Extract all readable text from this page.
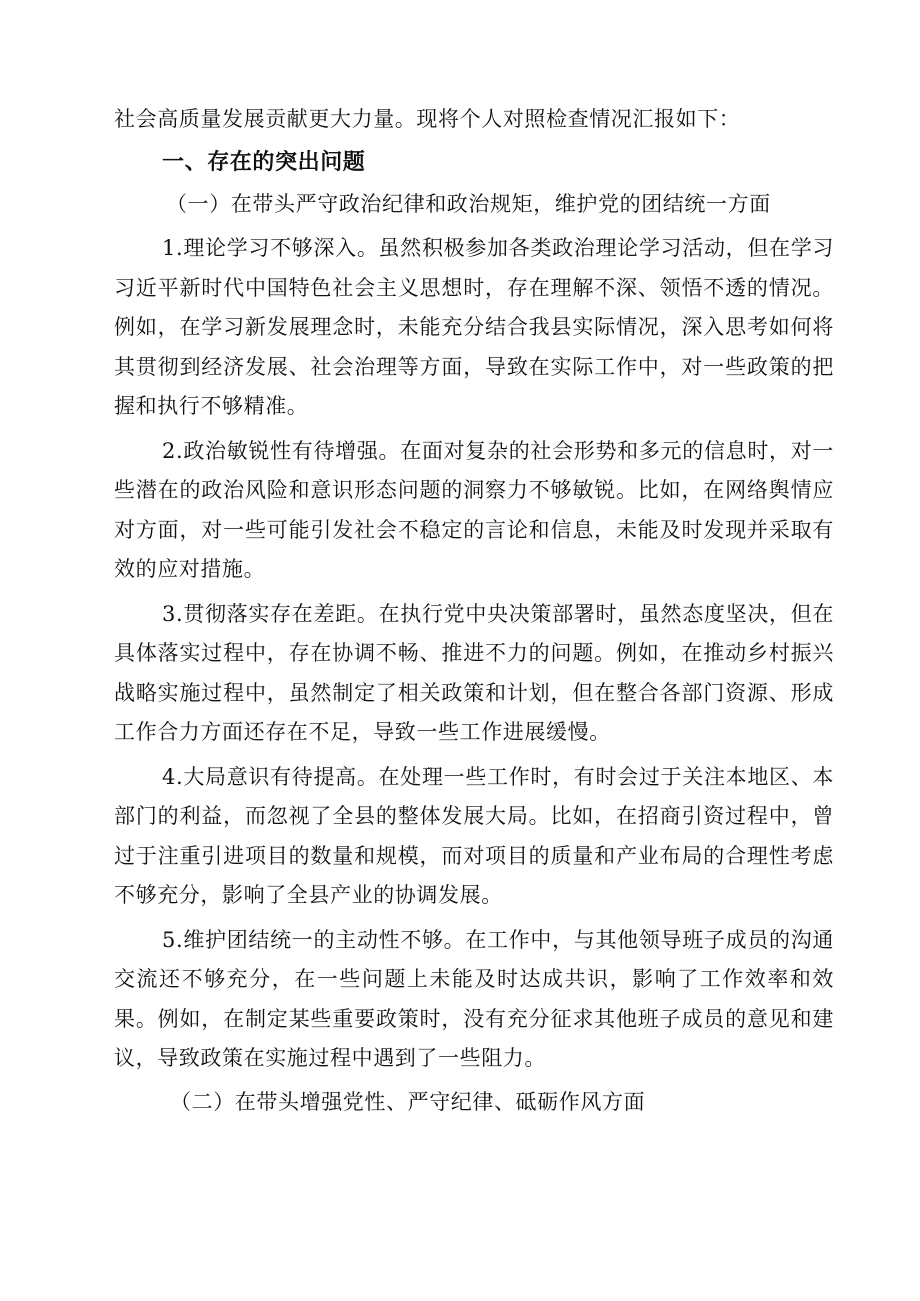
社会高质量发展贡献更大力量。现将个人对照检查情况汇报如下：

一、存在的突出问题

（一）在带头严守政治纪律和政治规矩，维护党的团结统一方面

1.理论学习不够深入。虽然积极参加各类政治理论学习活动，但在学习习近平新时代中国特色社会主义思想时，存在理解不深、领悟不透的情况。例如，在学习新发展理念时，未能充分结合我县实际情况，深入思考如何将其贯彻到经济发展、社会治理等方面，导致在实际工作中，对一些政策的把握和执行不够精准。

2.政治敏锐性有待增强。在面对复杂的社会形势和多元的信息时，对一些潜在的政治风险和意识形态问题的洞察力不够敏锐。比如，在网络舆情应对方面，对一些可能引发社会不稳定的言论和信息，未能及时发现并采取有效的应对措施。

3.贯彻落实存在差距。在执行党中央决策部署时，虽然态度坚决，但在具体落实过程中，存在协调不畅、推进不力的问题。例如，在推动乡村振兴战略实施过程中，虽然制定了相关政策和计划，但在整合各部门资源、形成工作合力方面还存在不足，导致一些工作进展缓慢。

4.大局意识有待提高。在处理一些工作时，有时会过于关注本地区、本部门的利益，而忽视了全县的整体发展大局。比如，在招商引资过程中，曾过于注重引进项目的数量和规模，而对项目的质量和产业布局的合理性考虑不够充分，影响了全县产业的协调发展。

5.维护团结统一的主动性不够。在工作中，与其他领导班子成员的沟通交流还不够充分，在一些问题上未能及时达成共识，影响了工作效率和效果。例如，在制定某些重要政策时，没有充分征求其他班子成员的意见和建议，导致政策在实施过程中遇到了一些阻力。

（二）在带头增强党性、严守纪律、砥砺作风方面
